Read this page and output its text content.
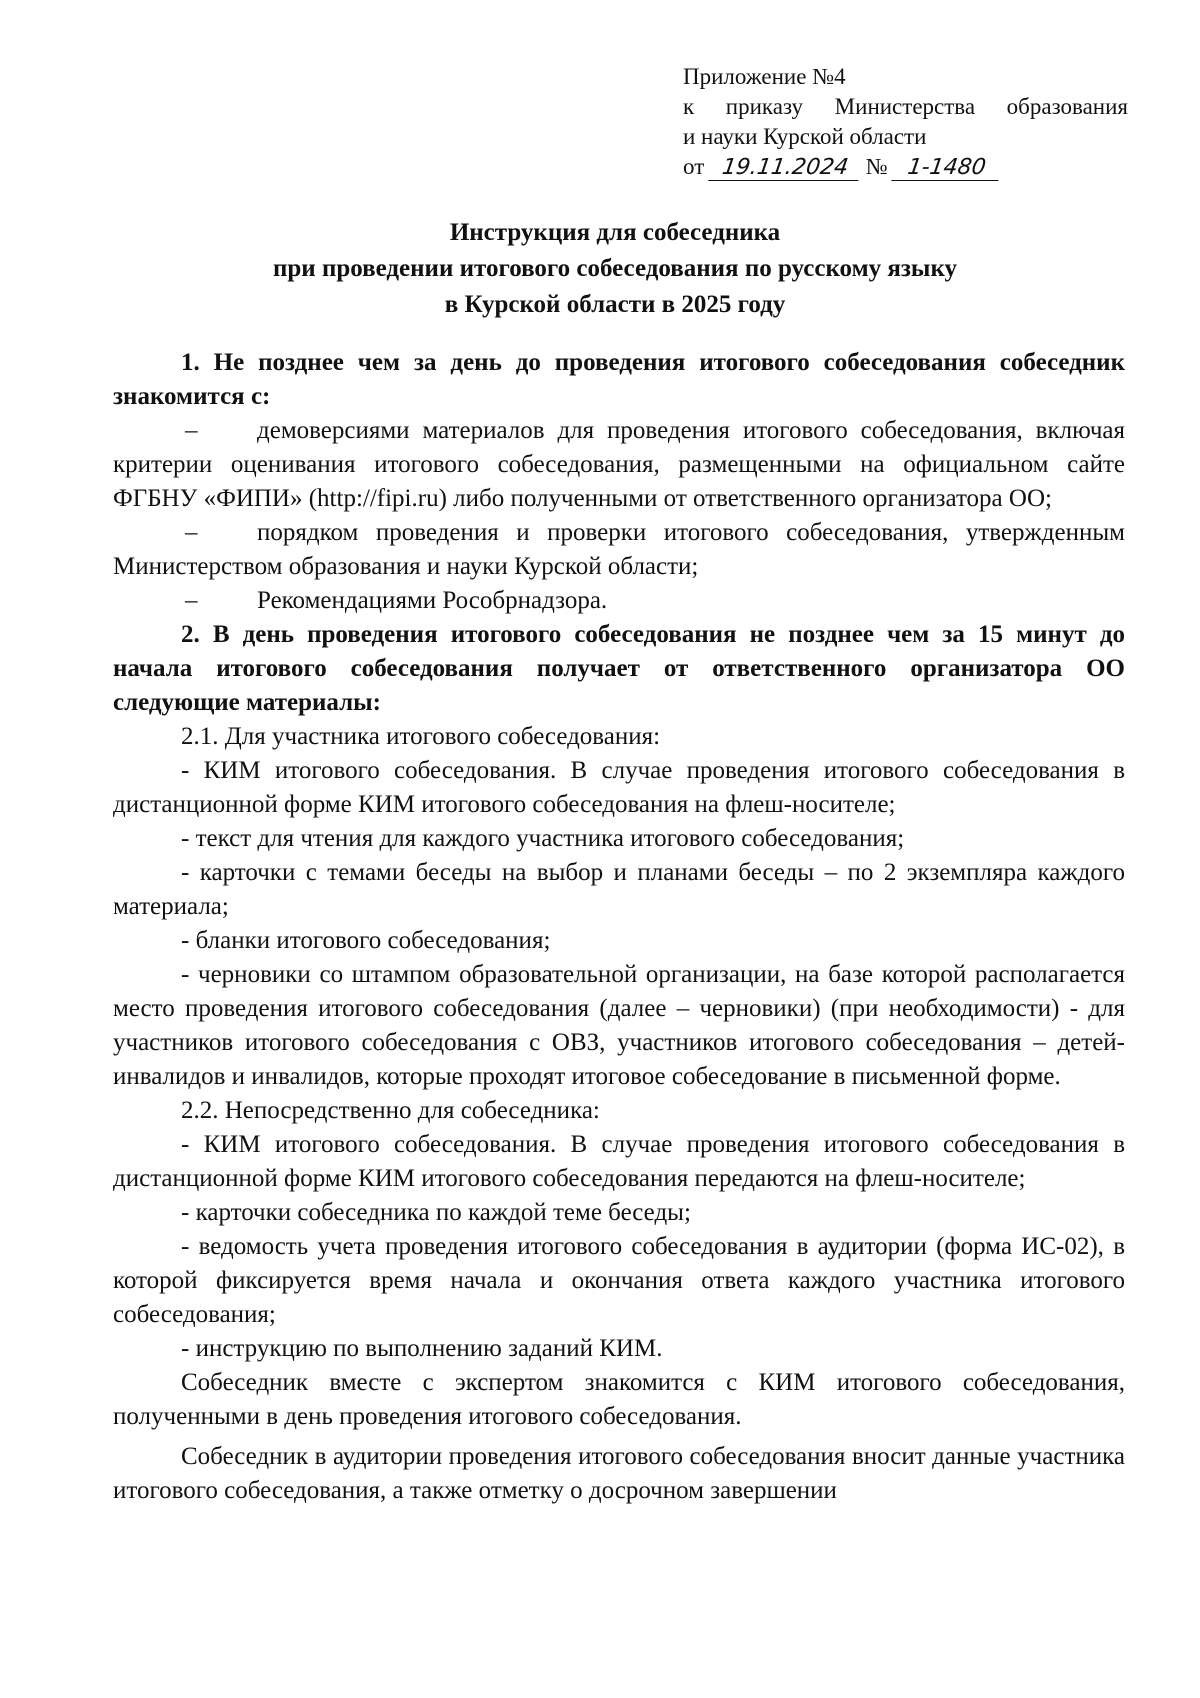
Приложение №4
к приказу Министерства образования
и науки Курской области
от 19.11.2024 № 1-1480
Инструкция для собеседника
при проведении итогового собеседования по русскому языку
в Курской области в 2025 году

1. Не позднее чем за день до проведения итогового собеседования собеседник знакомится с:

– демоверсиями материалов для проведения итогового собеседования, включая критерии оценивания итогового собеседования, размещенными на официальном сайте ФГБНУ «ФИПИ» (http://fipi.ru) либо полученными от ответственного организатора ОО;

– порядком проведения и проверки итогового собеседования, утвержденным Министерством образования и науки Курской области;

– Рекомендациями Рособрнадзора.

2. В день проведения итогового собеседования не позднее чем за 15 минут до начала итогового собеседования получает от ответственного организатора ОО следующие материалы:

2.1. Для участника итогового собеседования:

- КИМ итогового собеседования. В случае проведения итогового собеседования в дистанционной форме КИМ итогового собеседования на флеш-носителе;

- текст для чтения для каждого участника итогового собеседования;

- карточки с темами беседы на выбор и планами беседы – по 2 экземпляра каждого материала;

- бланки итогового собеседования;

- черновики со штампом образовательной организации, на базе которой располагается место проведения итогового собеседования (далее – черновики) (при необходимости) - для участников итогового собеседования с ОВЗ, участников итогового собеседования – детей-инвалидов и инвалидов, которые проходят итоговое собеседование в письменной форме.

2.2. Непосредственно для собеседника:

- КИМ итогового собеседования. В случае проведения итогового собеседования в дистанционной форме КИМ итогового собеседования передаются на флеш-носителе;

- карточки собеседника по каждой теме беседы;

- ведомость учета проведения итогового собеседования в аудитории (форма ИС-02), в которой фиксируется время начала и окончания ответа каждого участника итогового собеседования;

- инструкцию по выполнению заданий КИМ.

Собеседник вместе с экспертом знакомится с КИМ итогового собеседования, полученными в день проведения итогового собеседования.

Собеседник в аудитории проведения итогового собеседования вносит данные участника итогового собеседования, а также отметку о досрочном завершении
